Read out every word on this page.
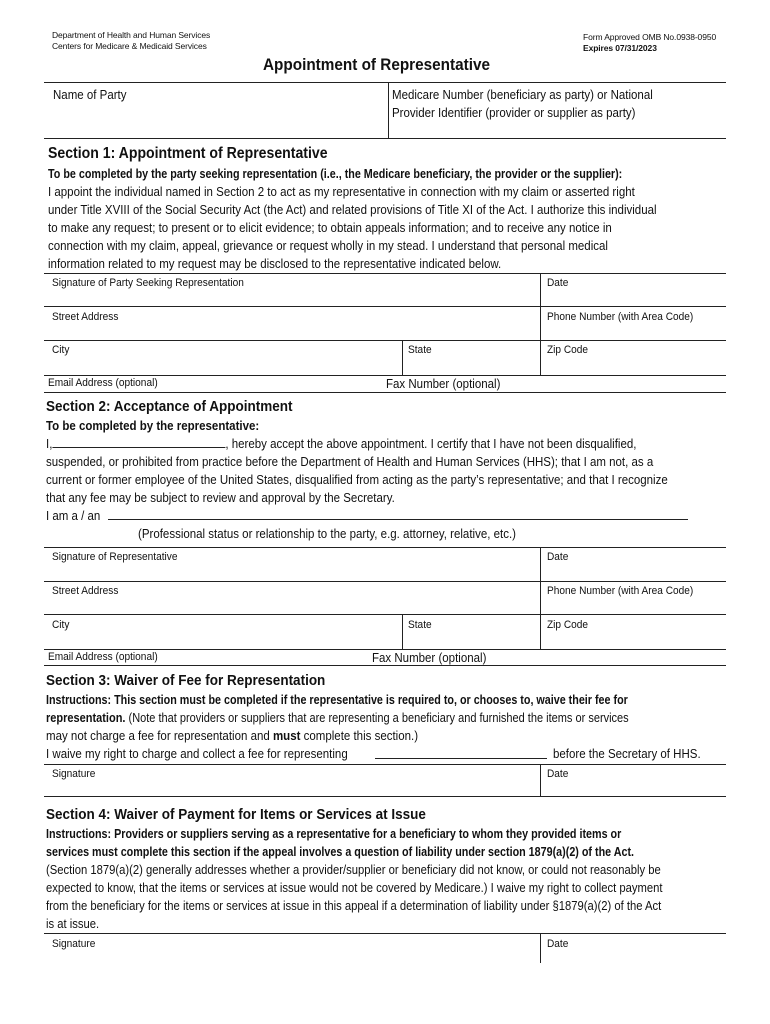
Department of Health and Human Services
Centers for Medicare & Medicaid Services
Form Approved OMB No.0938-0950
Expires 07/31/2023
Appointment of Representative
Name of Party	Medicare Number (beneficiary as party) or National
Provider Identifier (provider or supplier as party)
Section 1: Appointment of Representative
To be completed by the party seeking representation (i.e., the Medicare beneficiary, the provider or the supplier):
I appoint the individual named in Section 2 to act as my representative in connection with my claim or asserted right
under Title XVIII of the Social Security Act (the Act) and related provisions of Title XI of the Act. I authorize this individual
to make any request; to present or to elicit evidence; to obtain appeals information; and to receive any notice in
connection with my claim, appeal, grievance or request wholly in my stead. I understand that personal medical
information related to my request may be disclosed to the representative indicated below.
Signature of Party Seeking Representation	Date
Street Address	Phone Number (with Area Code)
City	State	Zip Code
Email Address (optional)	Fax Number (optional)
Section 2: Acceptance of Appointment
To be completed by the representative:
I,	, hereby accept the above appointment. I certify that I have not been disqualified,
suspended, or prohibited from practice before the Department of Health and Human Services (HHS); that I am not, as a
current or former employee of the United States, disqualified from acting as the party’s representative; and that I recognize
that any fee may be subject to review and approval by the Secretary.
I am a / an
(Professional status or relationship to the party, e.g. attorney, relative, etc.)
Signature of Representative	Date
Street Address	Phone Number (with Area Code)
City	State	Zip Code
Email Address (optional)	Fax Number (optional)
Section 3: Waiver of Fee for Representation
Instructions: This section must be completed if the representative is required to, or chooses to, waive their fee for
representation. (Note that providers or suppliers that are representing a beneficiary and furnished the items or services
may not charge a fee for representation and must complete this section.)
I waive my right to charge and collect a fee for representing	before the Secretary of HHS.
Signature	Date
Section 4: Waiver of Payment for Items or Services at Issue
Instructions: Providers or suppliers serving as a representative for a beneficiary to whom they provided items or
services must complete this section if the appeal involves a question of liability under section 1879(a)(2) of the Act.
(Section 1879(a)(2) generally addresses whether a provider/supplier or beneficiary did not know, or could not reasonably be
expected to know, that the items or services at issue would not be covered by Medicare.) I waive my right to collect payment
from the beneficiary for the items or services at issue in this appeal if a determination of liability under §1879(a)(2) of the Act
is at issue.
Signature	Date
